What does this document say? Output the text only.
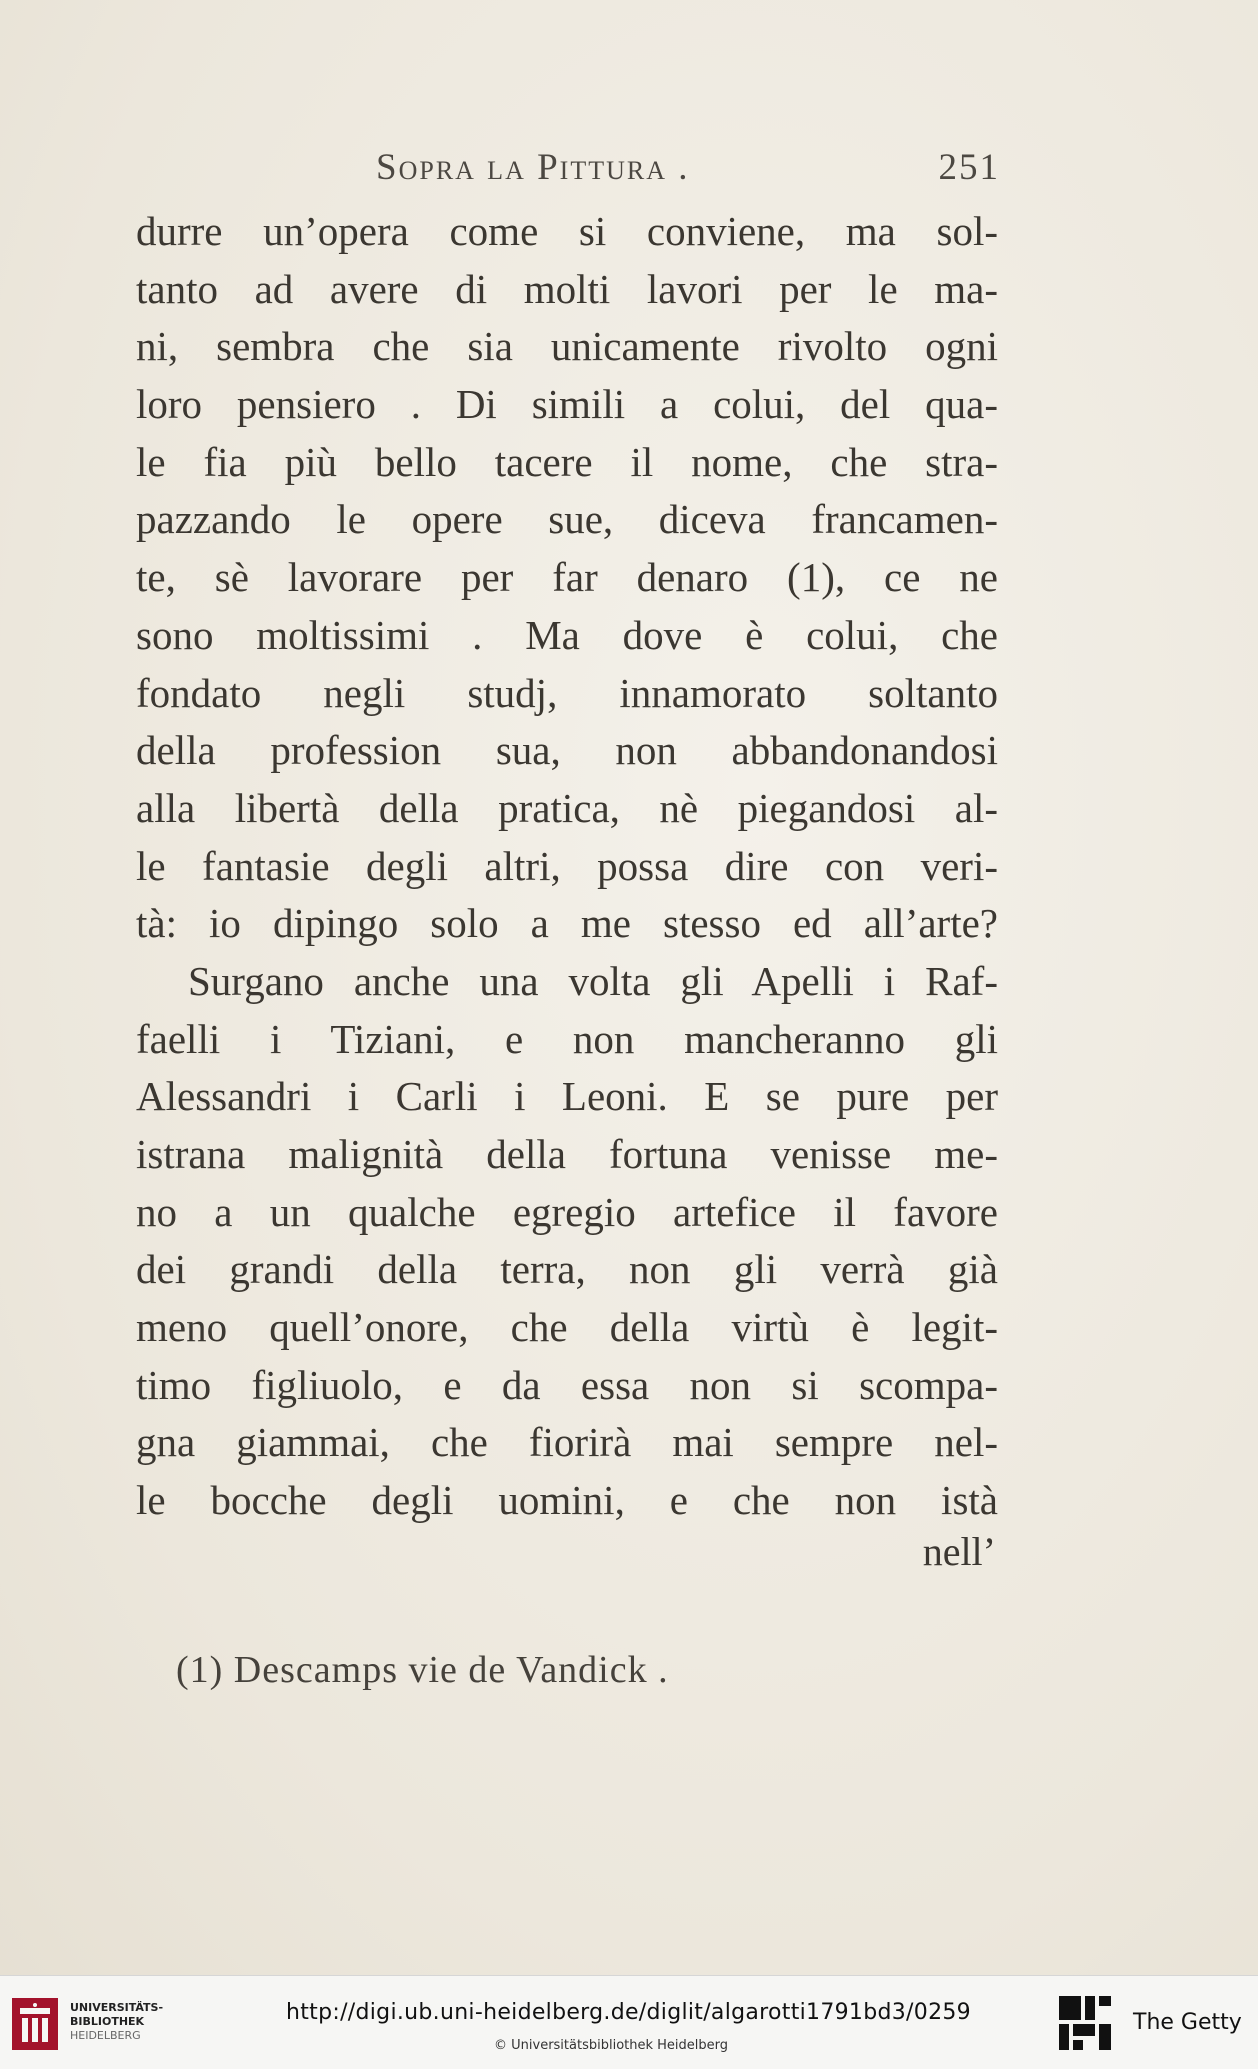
Sopra la Pittura .	251
durre un’opera come si conviene, ma sol-
tanto ad avere di molti lavori per le ma-
ni, sembra che sia unicamente rivolto ogni
loro pensiero . Di simili a colui, del qua-
le fia più bello tacere il nome, che stra-
pazzando le opere sue, diceva francamen-
te, sè lavorare per far denaro (1), ce ne
sono moltissimi . Ma dove è colui, che
fondato negli studj, innamorato soltanto
della profession sua, non abbandonandosi
alla libertà della pratica, nè piegandosi al-
le fantasie degli altri, possa dire con veri-
tà: io dipingo solo a me stesso ed all’arte?
Surgano anche una volta gli Apelli i Raf-
faelli i Tiziani, e non mancheranno gli
Alessandri i Carli i Leoni. E se pure per
istrana malignità della fortuna venisse me-
no a un qualche egregio artefice il favore
dei grandi della terra, non gli verrà già
meno quell’onore, che della virtù è legit-
timo figliuolo, e da essa non si scompa-
gna giammai, che fiorirà mai sempre nel-
le bocche degli uomini, e che non istà
nell’
(1) Descamps vie de Vandick .
UNIVERSITÄTS-
BIBLIOTHEK
HEIDELBERG
http://digi.ub.uni-heidelberg.de/diglit/algarotti1791bd3/0259
© Universitätsbibliothek Heidelberg
The Getty
